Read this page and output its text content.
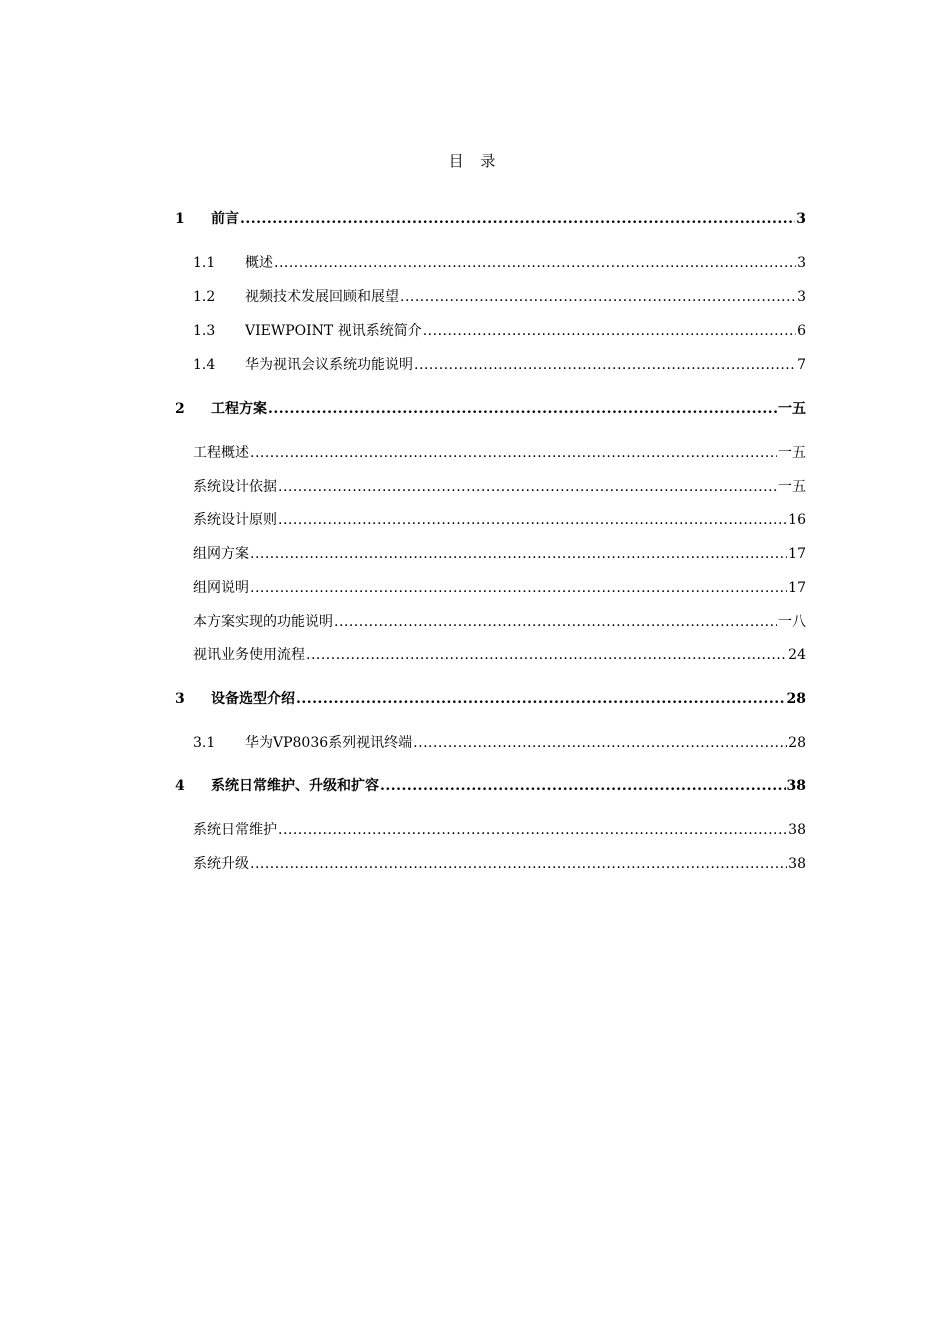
目 录
1	前言 .....	3
1.1	概述 .....	3
1.2	视频技术发展回顾和展望 .....	3
1.3	VIEWPOINT 视讯系统简介 .....	6
1.4	华为视讯会议系统功能说明 .....	7
2	工程方案 .....	一五
工程概述 .....	一五
系统设计依据 .....	一五
系统设计原则 .....	16
组网方案 .....	17
组网说明 .....	17
本方案实现的功能说明 .....	一八
视讯业务使用流程 .....	24
3	设备选型介绍 .....	28
3.1	华为VP8036系列视讯终端 .....	28
4	系统日常维护、升级和扩容 .....	38
系统日常维护 .....	38
系统升级 .....	38
